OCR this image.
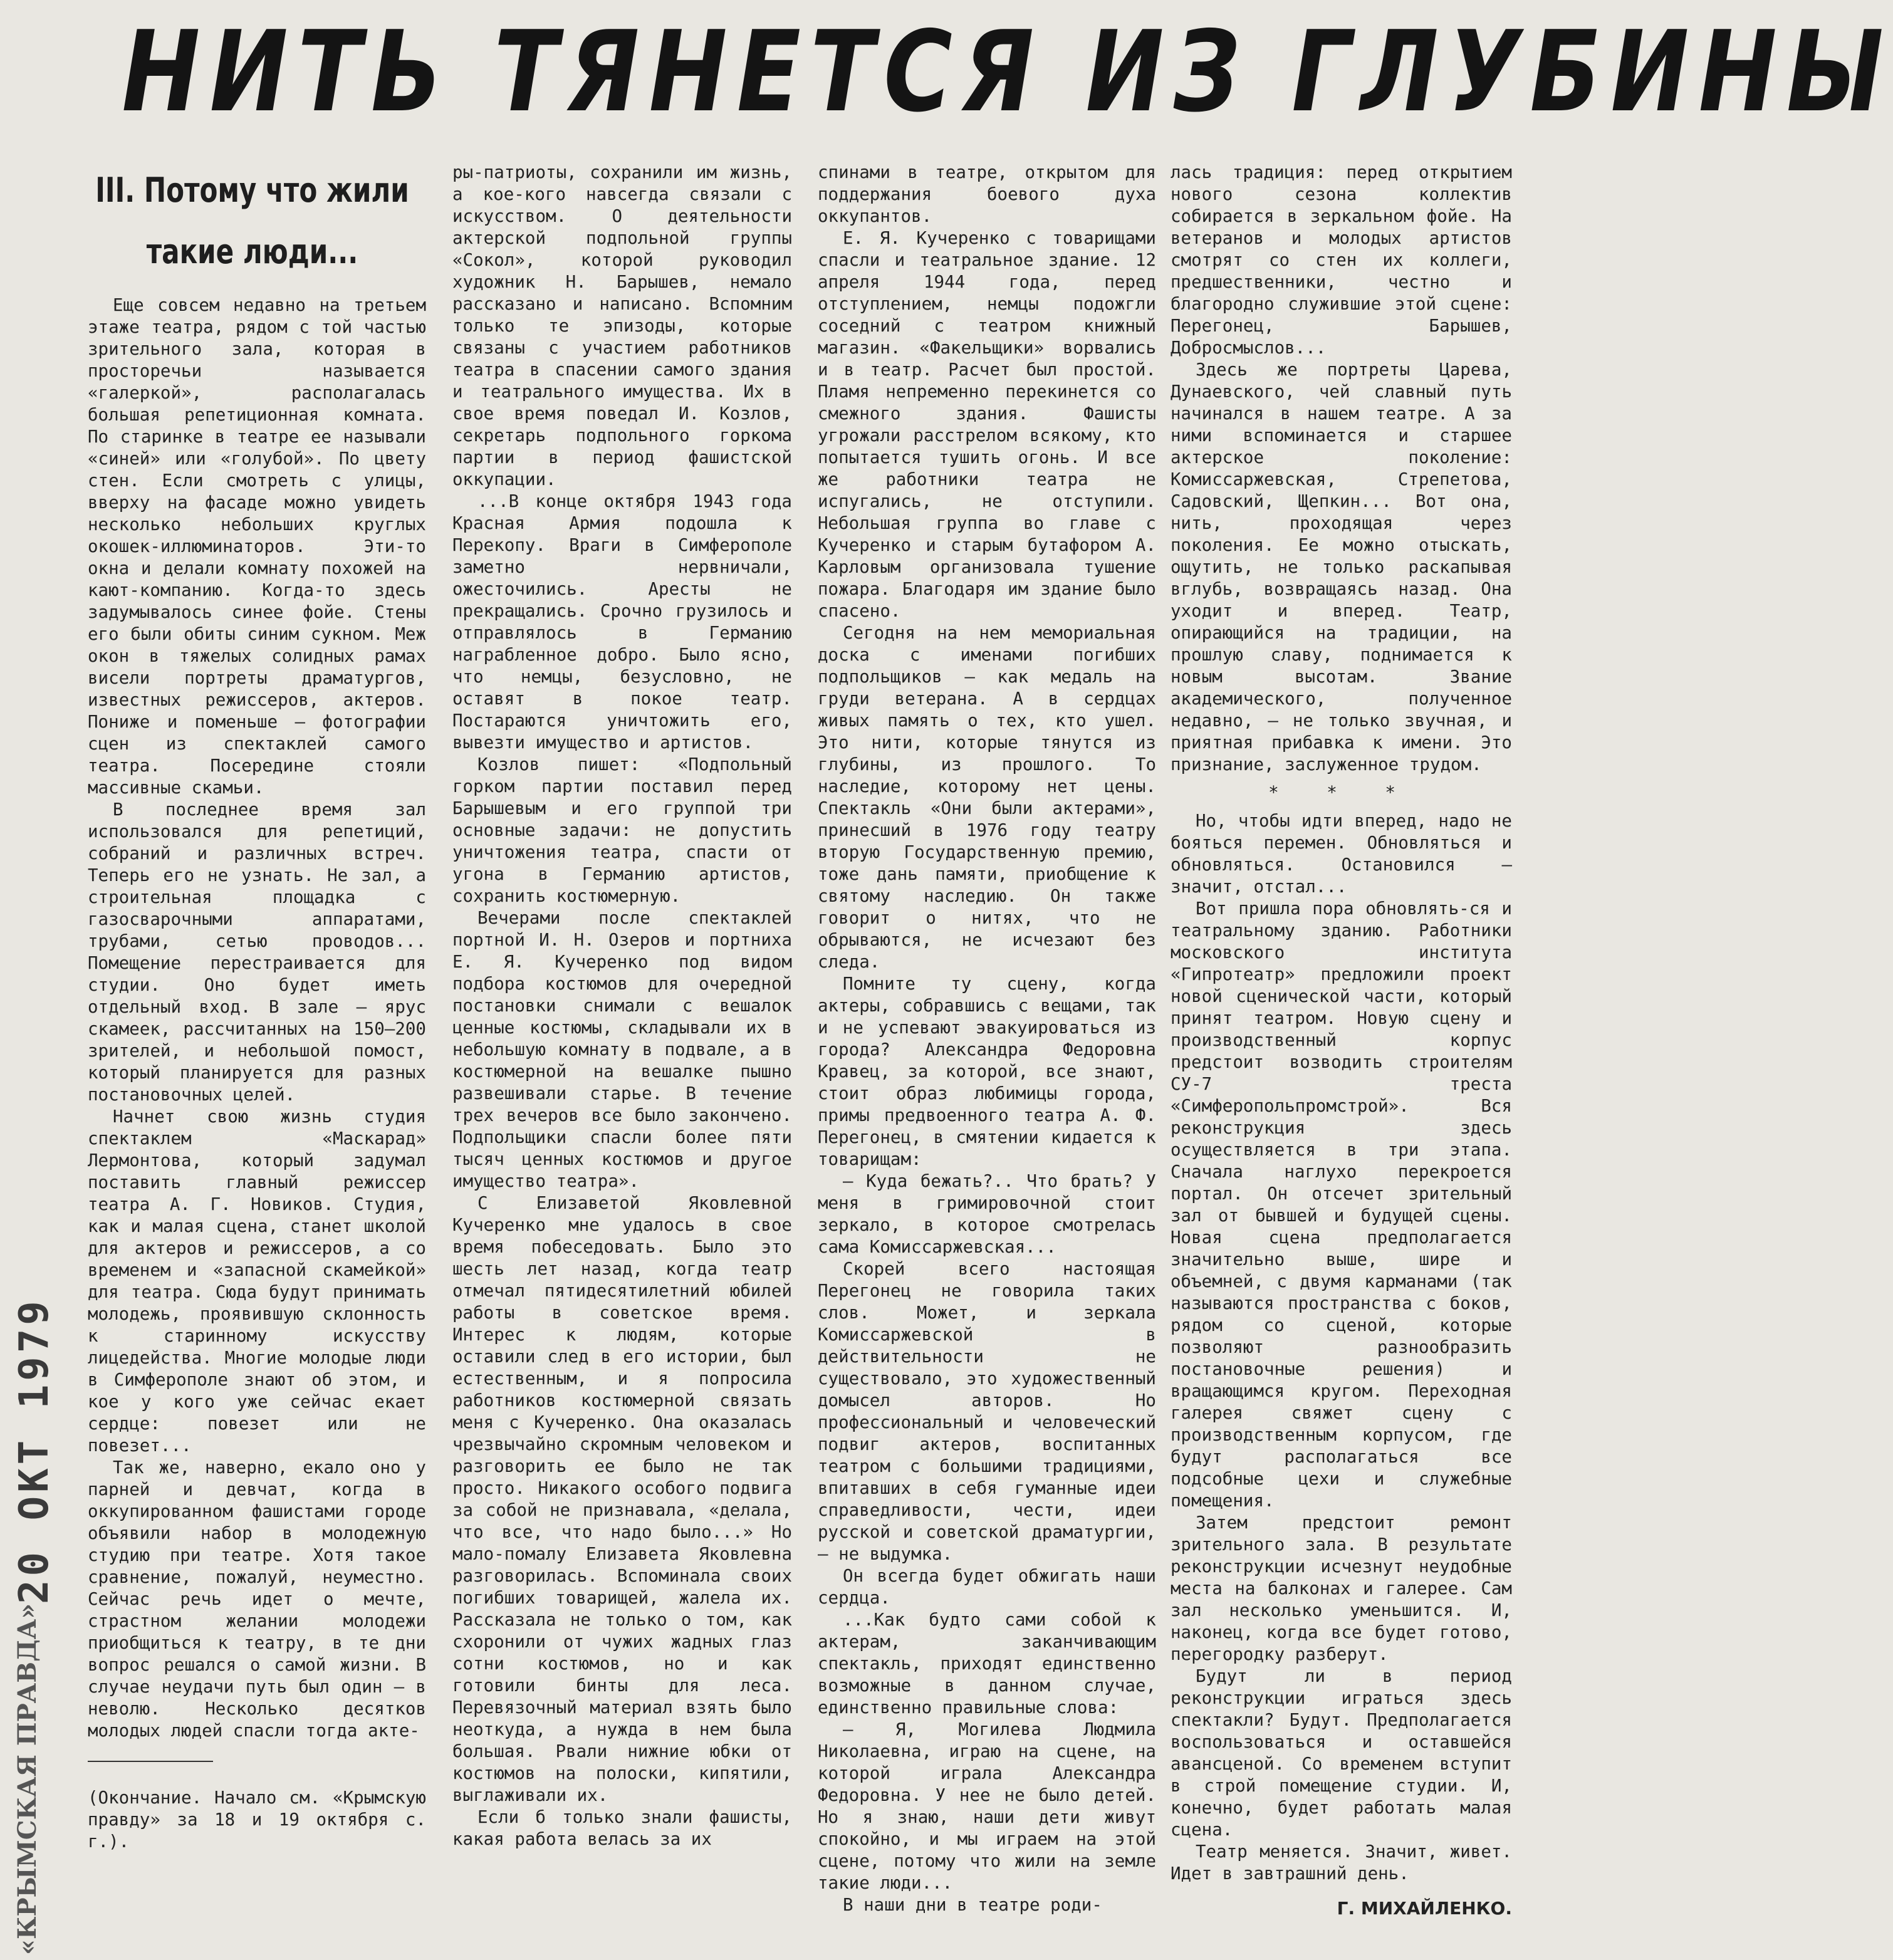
НИТЬ ТЯНЕТСЯ ИЗ ГЛУБИНЫ
III. Потому что жили
такие люди...

Еще совсем недавно на третьем этаже театра, рядом с той частью зрительного зала, которая в просторечьи называется «галеркой», располагалась большая репетиционная комната. По старинке в театре ее называли «синей» или «голубой». По цвету стен. Если смотреть с улицы, вверху на фасаде можно увидеть несколько небольших круглых окошек-иллюминаторов. Эти-то окна и делали комнату похожей на кают-компанию. Когда-то здесь задумывалось синее фойе. Стены его были обиты синим сукном. Меж окон в тяжелых солидных рамах висели портреты драматургов, известных режиссеров, актеров. Пониже и поменьше — фотографии сцен из спектаклей самого театра. Посередине стояли массивные скамьи.

В последнее время зал использовался для репетиций, собраний и различных встреч. Теперь его не узнать. Не зал, а строительная площадка с газосварочными аппаратами, трубами, сетью проводов... Помещение перестраивается для студии. Оно будет иметь отдельный вход. В зале — ярус скамеек, рассчитанных на 150—200 зрителей, и небольшой помост, который планируется для разных постановочных целей.

Начнет свою жизнь студия спектаклем «Маскарад» Лермонтова, который задумал поставить главный режиссер театра А. Г. Новиков. Студия, как и малая сцена, станет школой для актеров и режиссеров, а со временем и «запасной скамейкой» для театра. Сюда будут принимать молодежь, проявившую склонность к старинному искусству лицедейства. Многие молодые люди в Симферополе знают об этом, и кое у кого уже сейчас екает сердце: повезет или не повезет...

Так же, наверно, екало оно у парней и девчат, когда в оккупированном фашистами городе объявили набор в молодежную студию при театре. Хотя такое сравнение, пожалуй, неуместно. Сейчас речь идет о мечте, страстном желании молодежи приобщиться к театру, в те дни вопрос решался о самой жизни. В случае неудачи путь был один — в неволю. Несколько десятков молодых людей спасли тогда акте-

(Окончание. Начало см. «Крымскую правду» за 18 и 19 октября с. г.).

ры-патриоты, сохранили им жизнь, а кое-кого навсегда связали с искусством. О деятельности актерской подпольной группы «Сокол», которой руководил художник Н. Барышев, немало рассказано и написано. Вспомним только те эпизоды, которые связаны с участием работников театра в спасении самого здания и театрального имущества. Их в свое время поведал И. Козлов, секретарь подпольного горкома партии в период фашистской оккупации.

...В конце октября 1943 года Красная Армия подошла к Перекопу. Враги в Симферополе заметно нервничали, ожесточились. Аресты не прекращались. Срочно грузилось и отправлялось в Германию награбленное добро. Было ясно, что немцы, безусловно, не оставят в покое театр. Постараются уничтожить его, вывезти имущество и артистов.

Козлов пишет: «Подпольный горком партии поставил перед Барышевым и его группой три основные задачи: не допустить уничтожения театра, спасти от угона в Германию артистов, сохранить костюмерную.

Вечерами после спектаклей портной И. Н. Озеров и портниха Е. Я. Кучеренко под видом подбора костюмов для очередной постановки снимали с вешалок ценные костюмы, складывали их в небольшую комнату в подвале, а в костюмерной на вешалке пышно развешивали старье. В течение трех вечеров все было закончено. Подпольщики спасли более пяти тысяч ценных костюмов и другое имущество театра».

С Елизаветой Яковлевной Кучеренко мне удалось в свое время побеседовать. Было это шесть лет назад, когда театр отмечал пятидесятилетний юбилей работы в советское время. Интерес к людям, которые оставили след в его истории, был естественным, и я попросила работников костюмерной связать меня с Кучеренко. Она оказалась чрезвычайно скромным человеком и разговорить ее было не так просто. Никакого особого подвига за собой не признавала, «делала, что все, что надо было...» Но мало-помалу Елизавета Яковлевна разговорилась. Вспоминала своих погибших товарищей, жалела их. Рассказала не только о том, как схоронили от чужих жадных глаз сотни костюмов, но и как готовили бинты для леса. Перевязочный материал взять было неоткуда, а нужда в нем была большая. Рвали нижние юбки от костюмов на полоски, кипятили, выглаживали их.

Если б только знали фашисты, какая работа велась за их

спинами в театре, открытом для поддержания боевого духа оккупантов.

Е. Я. Кучеренко с товарищами спасли и театральное здание. 12 апреля 1944 года, перед отступлением, немцы подожгли соседний с театром книжный магазин. «Факельщики» ворвались и в театр. Расчет был простой. Пламя непременно перекинется со смежного здания. Фашисты угрожали расстрелом всякому, кто попытается тушить огонь. И все же работники театра не испугались, не отступили. Небольшая группа во главе с Кучеренко и старым бутафором А. Карловым организовала тушение пожара. Благодаря им здание было спасено.

Сегодня на нем мемориальная доска с именами погибших подпольщиков — как медаль на груди ветерана. А в сердцах живых память о тех, кто ушел. Это нити, которые тянутся из глубины, из прошлого. То наследие, которому нет цены. Спектакль «Они были актерами», принесший в 1976 году театру вторую Государственную премию, тоже дань памяти, приобщение к святому наследию. Он также говорит о нитях, что не обрываются, не исчезают без следа.

Помните ту сцену, когда актеры, собравшись с вещами, так и не успевают эвакуироваться из города? Александра Федоровна Кравец, за которой, все знают, стоит образ любимицы города, примы предвоенного театра А. Ф. Перегонец, в смятении кидается к товарищам:

— Куда бежать?.. Что брать? У меня в гримировочной стоит зеркало, в которое смотрелась сама Комиссаржевская...

Скорей всего настоящая Перегонец не говорила таких слов. Может, и зеркала Комиссаржевской в действительности не существовало, это художественный домысел авторов. Но профессиональный и человеческий подвиг актеров, воспитанных театром с большими традициями, впитавших в себя гуманные идеи справедливости, чести, идеи русской и советской драматургии, — не выдумка.

Он всегда будет обжигать наши сердца.

...Как будто сами собой к актерам, заканчивающим спектакль, приходят единственно возможные в данном случае, единственно правильные слова:

— Я, Могилева Людмила Николаевна, играю на сцене, на которой играла Александра Федоровна. У нее не было детей. Но я знаю, наши дети живут спокойно, и мы играем на этой сцене, потому что жили на земле такие люди...

В наши дни в театре роди-

лась традиция: перед открытием нового сезона коллектив собирается в зеркальном фойе. На ветеранов и молодых артистов смотрят со стен их коллеги, предшественники, честно и благородно служившие этой сцене: Перегонец, Барышев, Добросмыслов...

Здесь же портреты Царева, Дунаевского, чей славный путь начинался в нашем театре. А за ними вспоминается и старшее актерское поколение: Комиссаржевская, Стрепетова, Садовский, Щепкин... Вот она, нить, проходящая через поколения. Ее можно отыскать, ощутить, не только раскапывая вглубь, возвращаясь назад. Она уходит и вперед. Театр, опирающийся на традиции, на прошлую славу, поднимается к новым высотам. Звание академического, полученное недавно, — не только звучная, и приятная прибавка к имени. Это признание, заслуженное трудом.

* * *

Но, чтобы идти вперед, надо не бояться перемен. Обновляться и обновляться. Остановился — значит, отстал...

Вот пришла пора обновлять-ся и театральному зданию. Работники московского института «Гипротеатр» предложили проект новой сценической части, который принят театром. Новую сцену и производственный корпус предстоит возводить строителям СУ-7 треста «Симферопольпромстрой». Вся реконструкция здесь осуществляется в три этапа. Сначала наглухо перекроется портал. Он отсечет зрительный зал от бывшей и будущей сцены. Новая сцена предполагается значительно выше, шире и объемней, с двумя карманами (так называются пространства с боков, рядом со сценой, которые позволяют разнообразить постановочные решения) и вращающимся кругом. Переходная галерея свяжет сцену с производственным корпусом, где будут располагаться все подсобные цехи и служебные помещения.

Затем предстоит ремонт зрительного зала. В результате реконструкции исчезнут неудобные места на балконах и галерее. Сам зал несколько уменьшится. И, наконец, когда все будет готово, перегородку разберут.

Будут ли в период реконструкции играться здесь спектакли? Будут. Предполагается воспользоваться и оставшейся авансценой. Со временем вступит в строй помещение студии. И, конечно, будет работать малая сцена.

Театр меняется. Значит, живет. Идет в завтрашний день.

Г. МИХАЙЛЕНКО.
20 ОКТ 1979
«КРЫМСКАЯ ПРАВДА»
